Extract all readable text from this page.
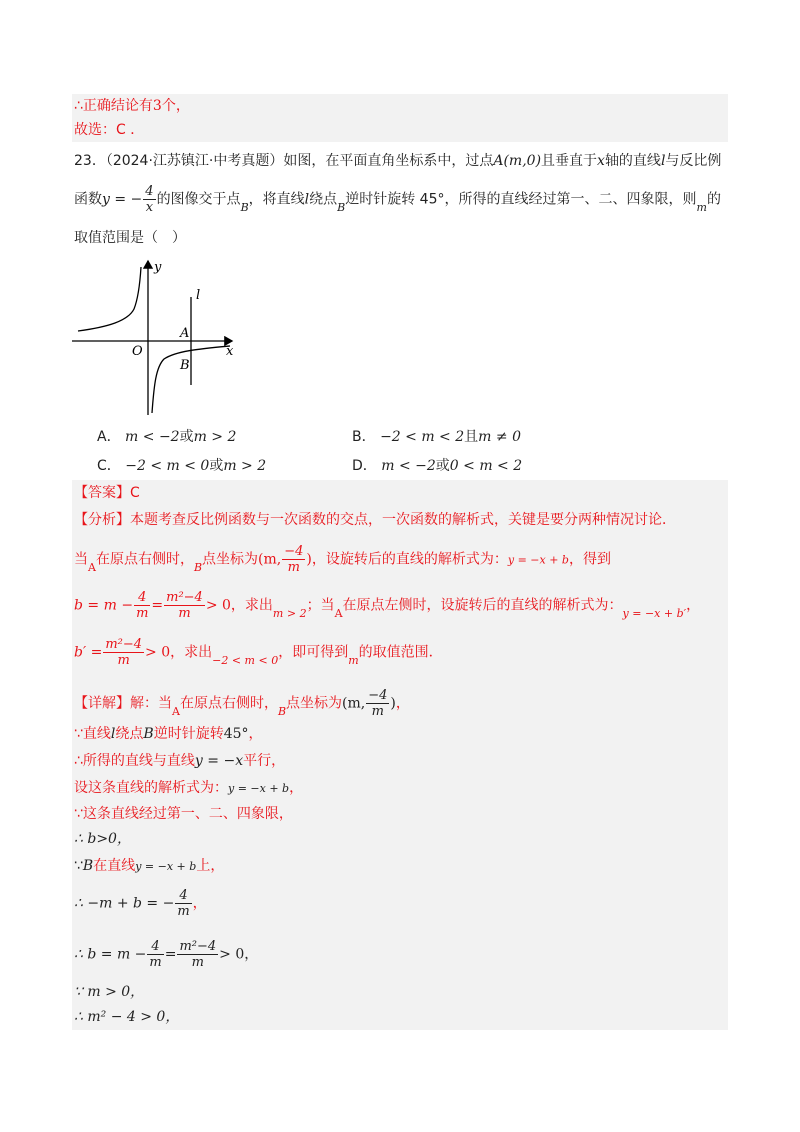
∴正确结论有3个，
故选：C ．
23．（2024·江苏镇江·中考真题）如图，在平面直角坐标系中，过点A(m,0)且垂直于x轴的直线l与反比例
函数y = − $\frac{4}{x}$ 的图像交于点$_B$，将直线l绕点$_B$逆时针旋转 45°，所得的直线经过第一、二、四象限，则$_m$的
取值范围是（　）
y
x
O
A
B
l
A． m < −2或m > 2	B． −2 < m < 2且m ≠ 0
C． −2 < m < 0或m > 2	D． m < −2或0 < m < 2
【答案】C
【分析】本题考查反比例函数与一次函数的交点，一次函数的解析式，关键是要分两种情况讨论．
当$_A$在原点右侧时，$_B$点坐标为(m, $\frac{-4}{m}$ )，设旋转后的直线的解析式为：y = −x + b，得到
$b = m - \frac{4}{m} = \frac{\text{m²−4}}{m} > 0$，求出$_{m > 2}$；当$_A$在原点左侧时，设旋转后的直线的解析式为：$_{y = -x + b'}$，
$b' = \frac{\text{m²−4}}{m} > 0$，求出$_{-2 < m < 0}$，即可得到$_m$的取值范围．
【详解】解：当$_A$在原点右侧时，$_B$点坐标为(m, $\frac{-4}{m}$ )，
∵直线l绕点B逆时针旋转45°，
∴所得的直线与直线y = −x平行，
设这条直线的解析式为：y = −x + b，
∵这条直线经过第一、二、四象限，
∴ b>0，
∵B在直线y = −x + b上，
∴ −m + b = − $\frac{4}{m}$ ，
∴ $b = m - \frac{4}{m} = \frac{\text{m²−4}}{m} > 0$，
∵ m > 0，
∴ m² − 4 > 0，
